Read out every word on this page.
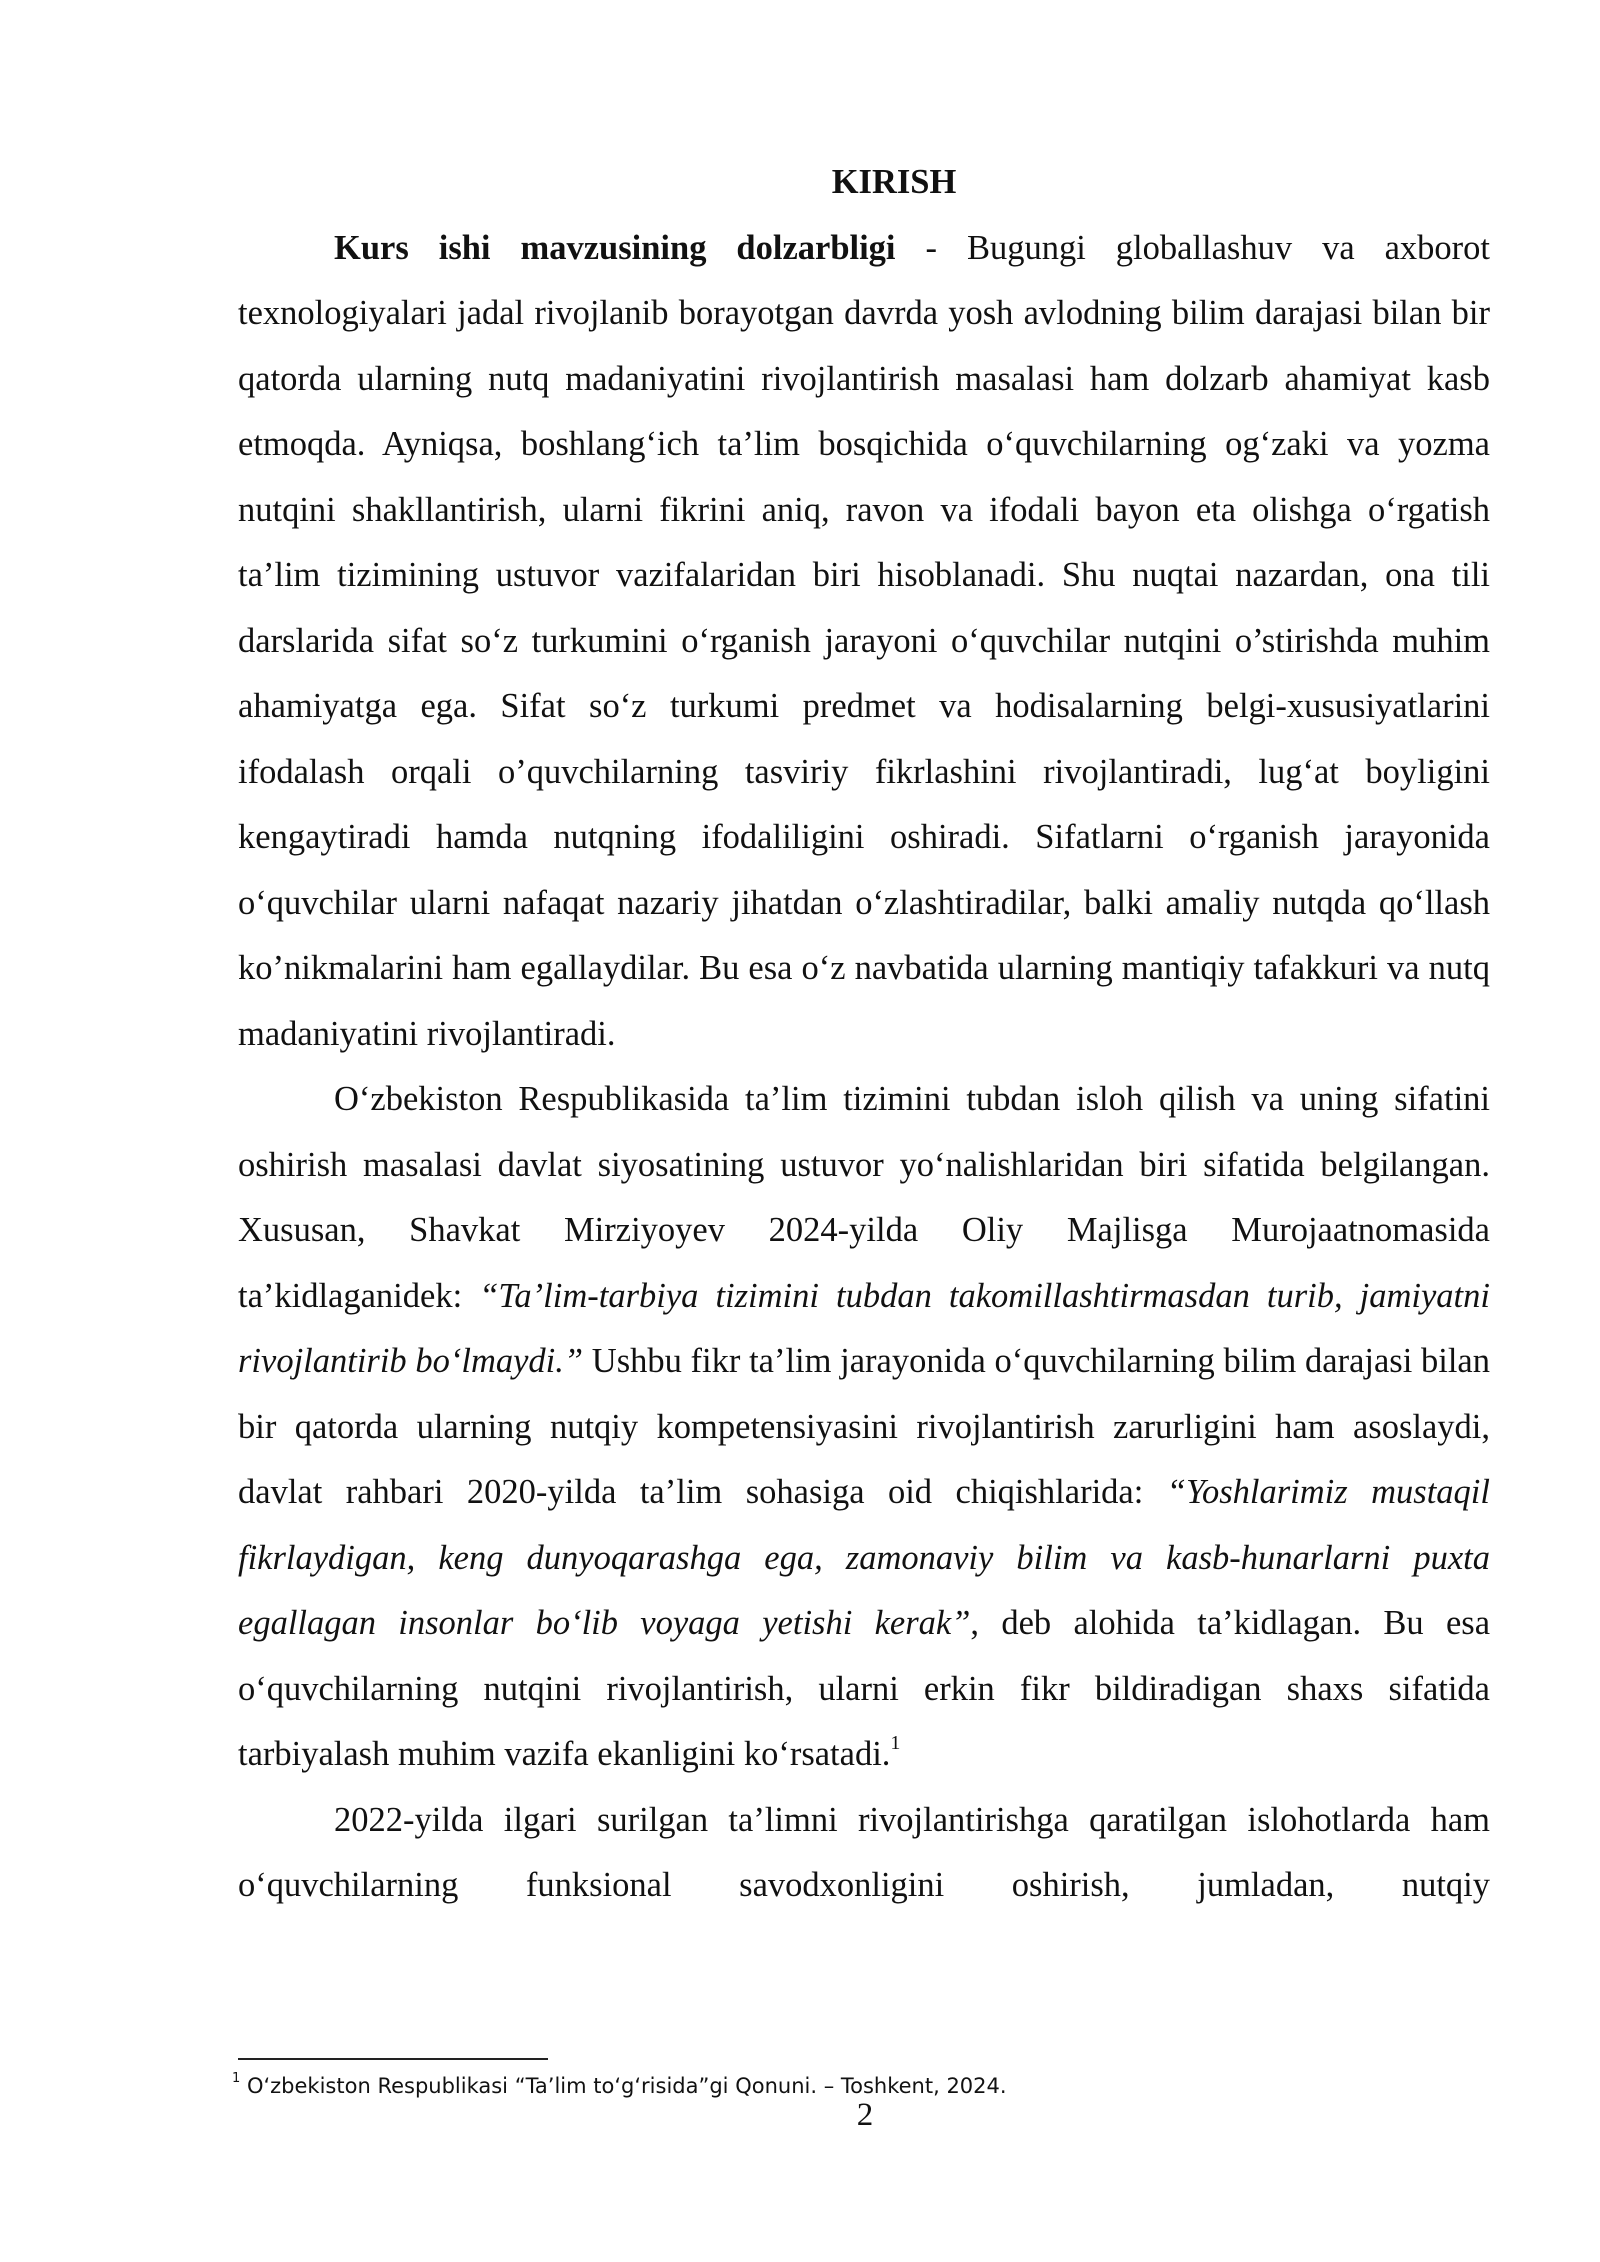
KIRISH

Kurs ishi mavzusining dolzarbligi - Bugungi globallashuv va axborot texnologiyalari jadal rivojlanib borayotgan davrda yosh avlodning bilim darajasi bilan bir qatorda ularning nutq madaniyatini rivojlantirish masalasi ham dolzarb ahamiyat kasb etmoqda. Ayniqsa, boshlang‘ich ta’lim bosqichida o‘quvchilarning og‘zaki va yozma nutqini shakllantirish, ularni fikrini aniq, ravon va ifodali bayon eta olishga o‘rgatish ta’lim tizimining ustuvor vazifalaridan biri hisoblanadi. Shu nuqtai nazardan, ona tili darslarida sifat so‘z turkumini o‘rganish jarayoni o‘quvchilar nutqini o’stirishda muhim ahamiyatga ega. Sifat so‘z turkumi predmet va hodisalarning belgi-xususiyatlarini ifodalash orqali o’quvchilarning tasviriy fikrlashini rivojlantiradi, lug‘at boyligini kengaytiradi hamda nutqning ifodaliligini oshiradi. Sifatlarni o‘rganish jarayonida o‘quvchilar ularni nafaqat nazariy jihatdan o‘zlashtiradilar, balki amaliy nutqda qo‘llash ko’nikmalarini ham egallaydilar. Bu esa o‘z navbatida ularning mantiqiy tafakkuri va nutq madaniyatini rivojlantiradi.

O‘zbekiston Respublikasida ta’lim tizimini tubdan isloh qilish va uning sifatini oshirish masalasi davlat siyosatining ustuvor yo‘nalishlaridan biri sifatida belgilangan. Xususan, Shavkat Mirziyoyev 2024-yilda Oliy Majlisga Murojaatnomasida ta’kidlaganidek: “Ta’lim-tarbiya tizimini tubdan takomillashtirmasdan turib, jamiyatni rivojlantirib bo‘lmaydi.” Ushbu fikr ta’lim jarayonida o‘quvchilarning bilim darajasi bilan bir qatorda ularning nutqiy kompetensiyasini rivojlantirish zarurligini ham asoslaydi, davlat rahbari 2020-yilda ta’lim sohasiga oid chiqishlarida: “Yoshlarimiz mustaqil fikrlaydigan, keng dunyoqarashga ega, zamonaviy bilim va kasb-hunarlarni puxta egallagan insonlar bo‘lib voyaga yetishi kerak”, deb alohida ta’kidlagan. Bu esa o‘quvchilarning nutqini rivojlantirish, ularni erkin fikr bildiradigan shaxs sifatida tarbiyalash muhim vazifa ekanligini ko‘rsatadi.$^1$

2022-yilda ilgari surilgan ta’limni rivojlantirishga qaratilgan islohotlarda ham o‘quvchilarning funksional savodxonligini oshirish, jumladan, nutqiy

$^1$ O‘zbekiston Respublikasi “Ta’lim to‘g‘risida”gi Qonuni. – Toshkent, 2024.
2
